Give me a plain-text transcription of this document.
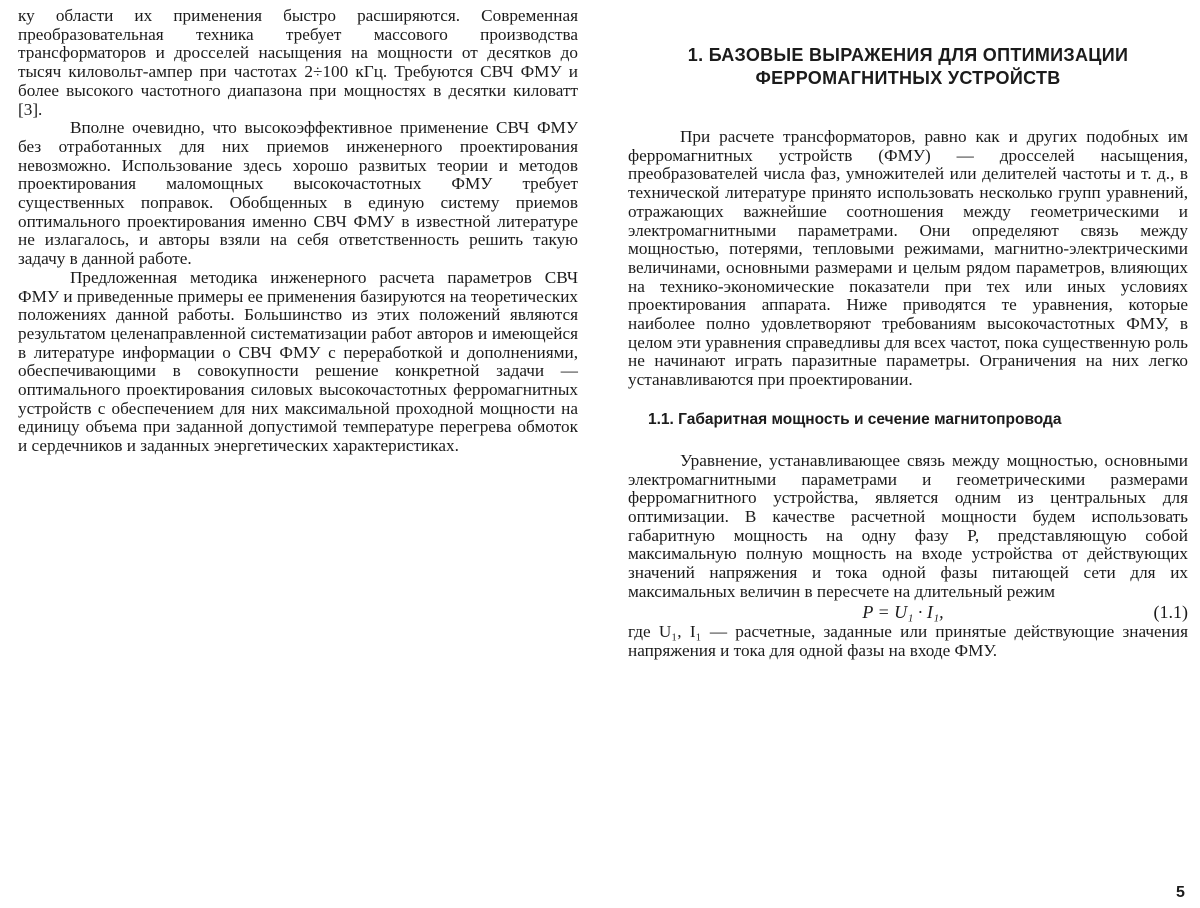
ку области их применения быстро расширяются. Современная преобразовательная техника требует массового производства трансформаторов и дросселей насыщения на мощности от десятков до тысяч киловольт-ампер при частотах 2÷100 кГц. Требуются СВЧ ФМУ и более высокого частотного диапазона при мощностях в десятки киловатт [3].

Вполне очевидно, что высокоэффективное применение СВЧ ФМУ без отработанных для них приемов инженерного проектирования невозможно. Использование здесь хорошо развитых теории и методов проектирования маломощных высокочастотных ФМУ требует существенных поправок. Обобщенных в единую систему приемов оптимального проектирования именно СВЧ ФМУ в известной литературе не излагалось, и авторы взяли на себя ответственность решить такую задачу в данной работе.

Предложенная методика инженерного расчета параметров СВЧ ФМУ и приведенные примеры ее применения базируются на теоретических положениях данной работы. Большинство из этих положений являются результатом целенаправленной систематизации работ авторов и имеющейся в литературе информации о СВЧ ФМУ с переработкой и дополнениями, обеспечивающими в совокупности решение конкретной задачи — оптимального проектирования силовых высокочастотных ферромагнитных устройств с обеспечением для них максимальной проходной мощности на единицу объема при заданной допустимой температуре перегрева обмоток и сердечников и заданных энергетических характеристиках.

1. БАЗОВЫЕ ВЫРАЖЕНИЯ ДЛЯ ОПТИМИЗАЦИИ

ФЕРРОМАГНИТНЫХ УСТРОЙСТВ

При расчете трансформаторов, равно как и других подобных им ферромагнитных устройств (ФМУ) — дросселей насыщения, преобразователей числа фаз, умножителей или делителей частоты и т. д., в технической литературе принято использовать несколько групп уравнений, отражающих важнейшие соотношения между геометрическими и электромагнитными параметрами. Они определяют связь между мощностью, потерями, тепловыми режимами, магнитно-электрическими величинами, основными размерами и целым рядом параметров, влияющих на технико-экономические показатели при тех или иных условиях проектирования аппарата. Ниже приводятся те уравнения, которые наиболее полно удовлетворяют требованиям высокочастотных ФМУ, в целом эти уравнения справедливы для всех частот, пока существенную роль не начинают играть паразитные параметры. Ограничения на них легко устанавливаются при проектировании.

1.1. Габаритная мощность и сечение магнитопровода

Уравнение, устанавливающее связь между мощностью, основными электромагнитными параметрами и геометрическими размерами ферромагнитного устройства, является одним из центральных для оптимизации. В качестве расчетной мощности будем использовать габаритную мощность на одну фазу P, представляющую собой максимальную полную мощность на входе устройства от действующих значений напряжения и тока одной фазы питающей сети для их максимальных величин в пересчете на длительный режим

P = U₁ · I₁,	(1.1)

где U₁, I₁ — расчетные, заданные или принятые действующие значения напряжения и тока для одной фазы на входе ФМУ.

5
